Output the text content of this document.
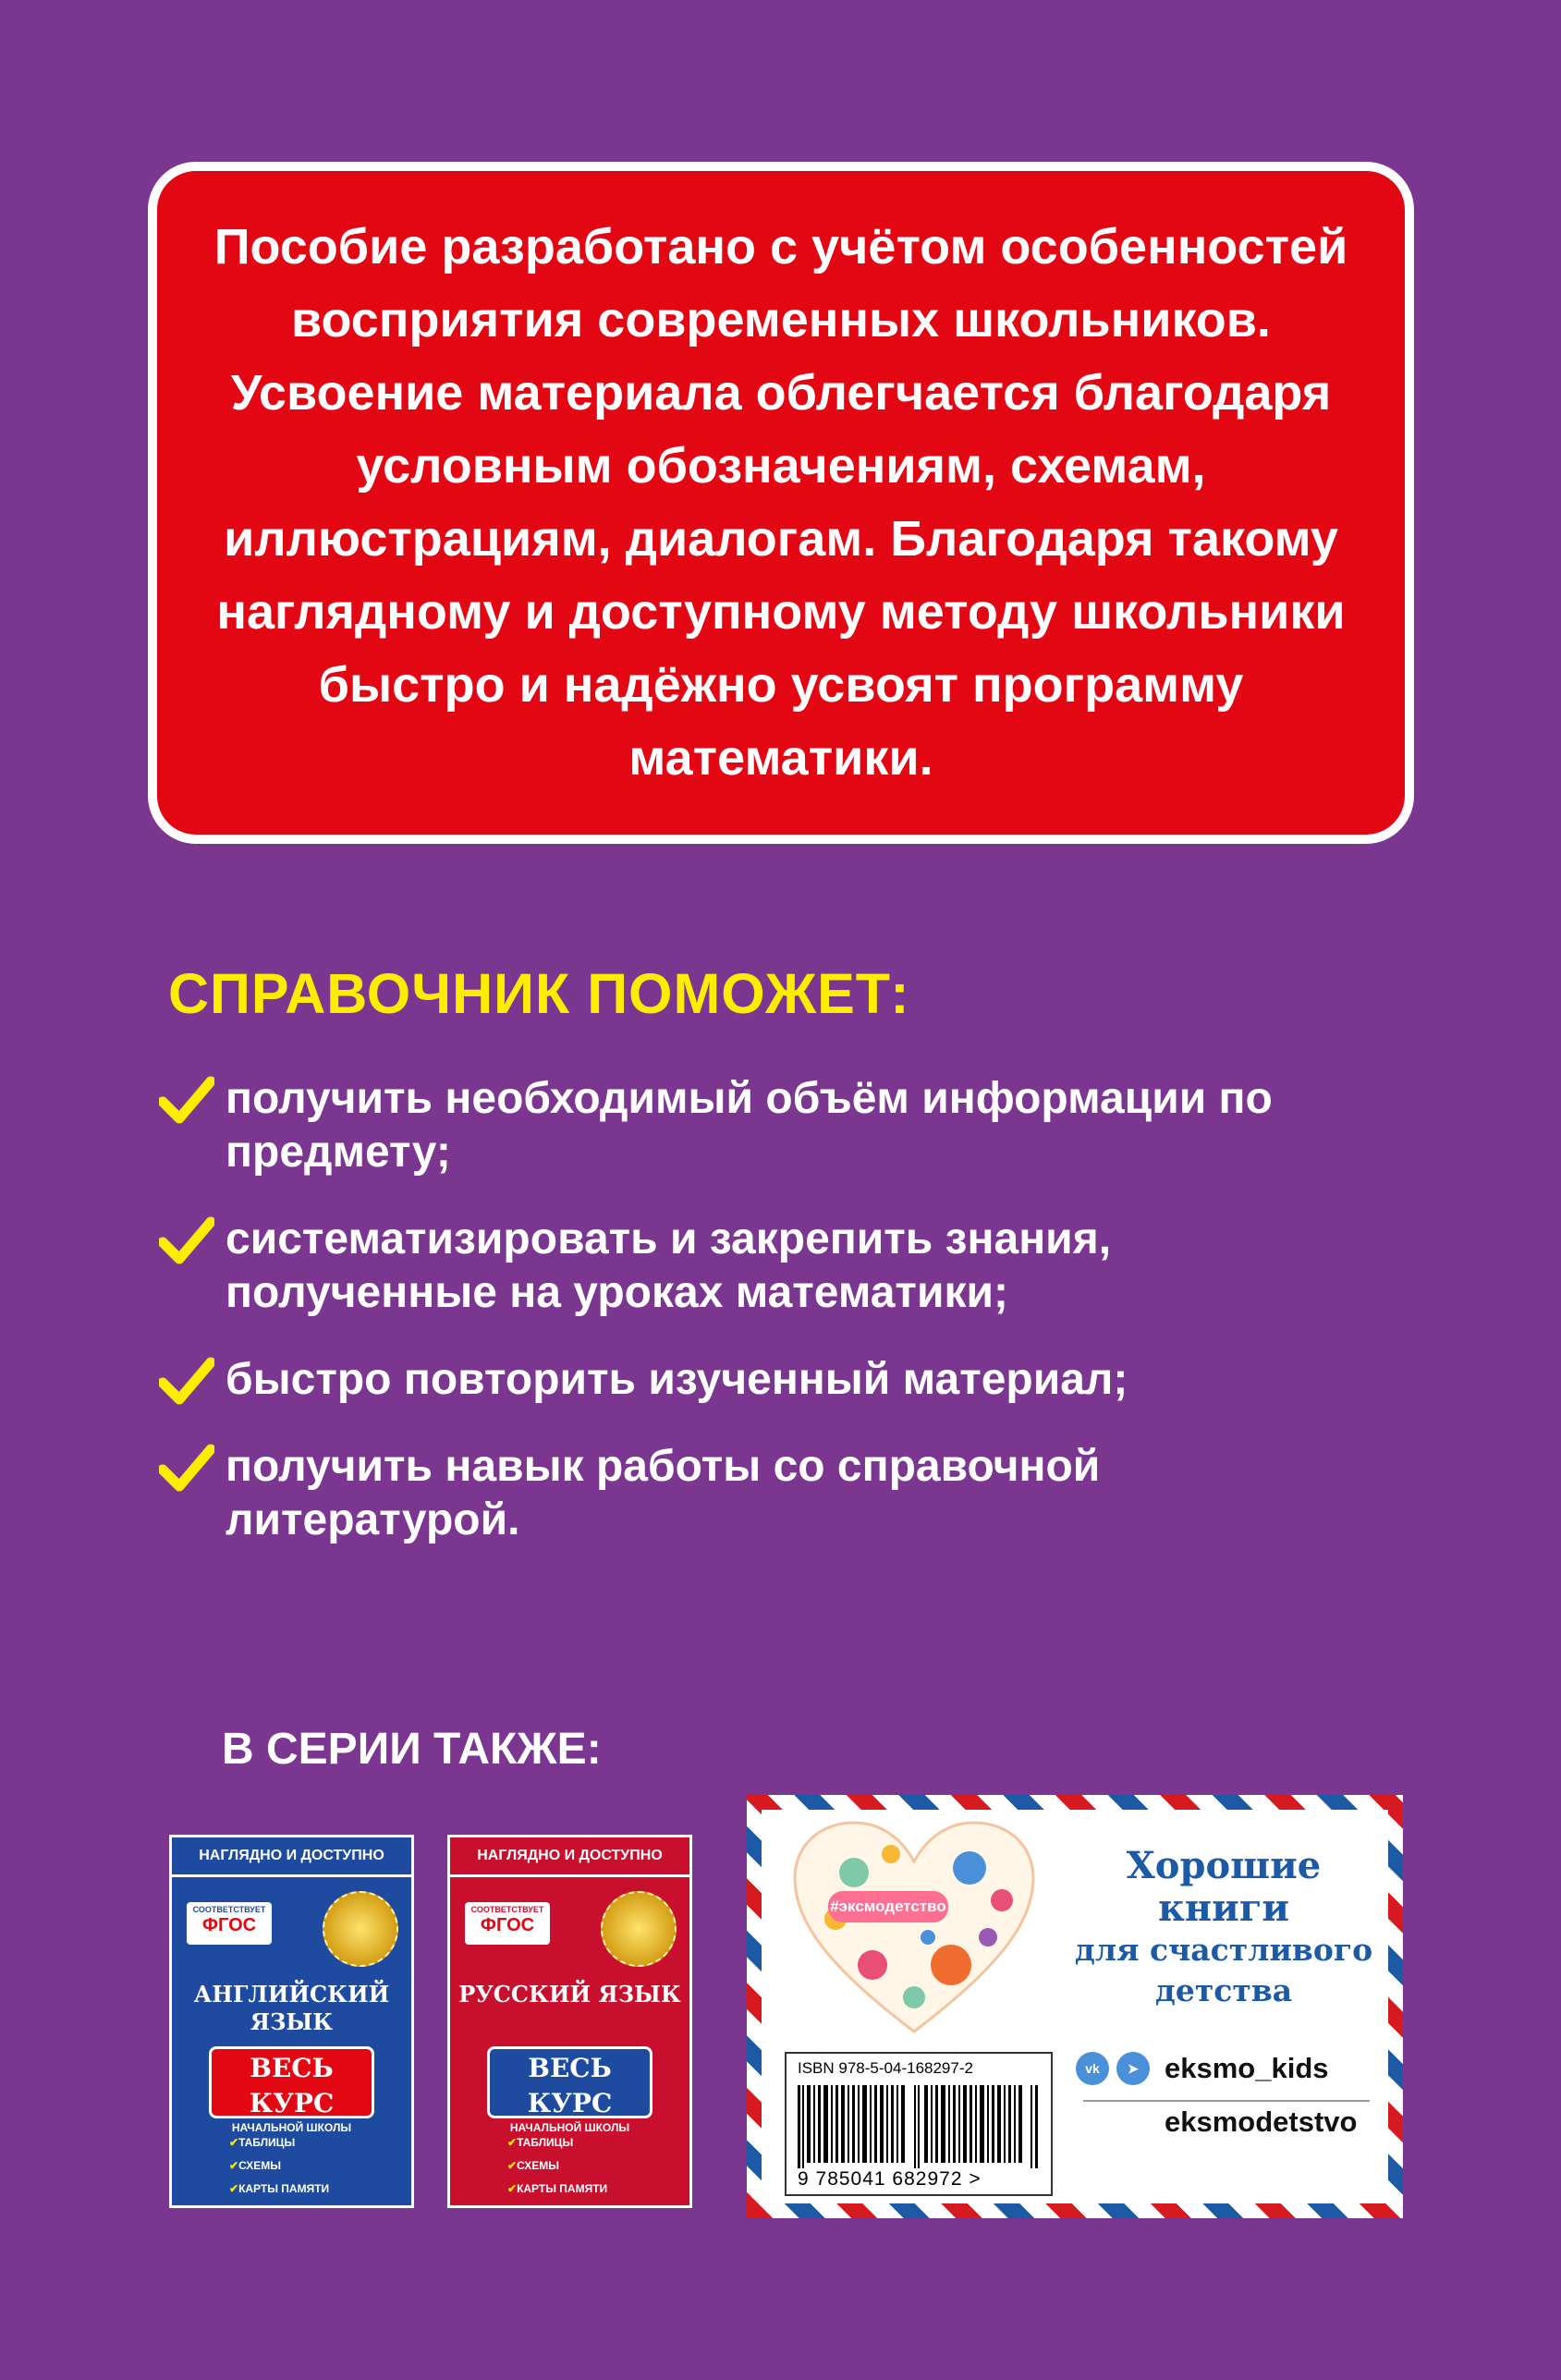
Пособие разработано с учётом особенностей восприятия современных школьников. Усвоение материала облегчается благодаря условным обозначениям, схемам, иллюстрациям, диалогам. Благодаря такому наглядному и доступному методу школьники быстро и надёжно усвоят программу математики.

СПРАВОЧНИК ПОМОЖЕТ:
получить необходимый объём информации по предмету;
систематизировать и закрепить знания, полученные на уроках математики;
быстро повторить изученный материал;
получить навык работы со справочной литературой.
В СЕРИИ ТАКЖЕ:
НАГЛЯДНО И ДОСТУПНО
СООТВЕТСТВУЕТ
ФГОС
АНГЛИЙСКИЙ ЯЗЫК
ВЕСЬ КУРС
НАЧАЛЬНОЙ ШКОЛЫ
✔ ТАБЛИЦЫ
✔ СХЕМЫ
✔ КАРТЫ ПАМЯТИ
НАГЛЯДНО И ДОСТУПНО
СООТВЕТСТВУЕТ
ФГОС
РУССКИЙ ЯЗЫК
ВЕСЬ КУРС
НАЧАЛЬНОЙ ШКОЛЫ
✔ ТАБЛИЦЫ
✔ СХЕМЫ
✔ КАРТЫ ПАМЯТИ
#эксмодетство

ISBN 978-5-04-168297-2

9 785041 682972 >

Хорошие
книги
для счастливого
детства

vk	➤ eksmo_kids
eksmodetstvo
